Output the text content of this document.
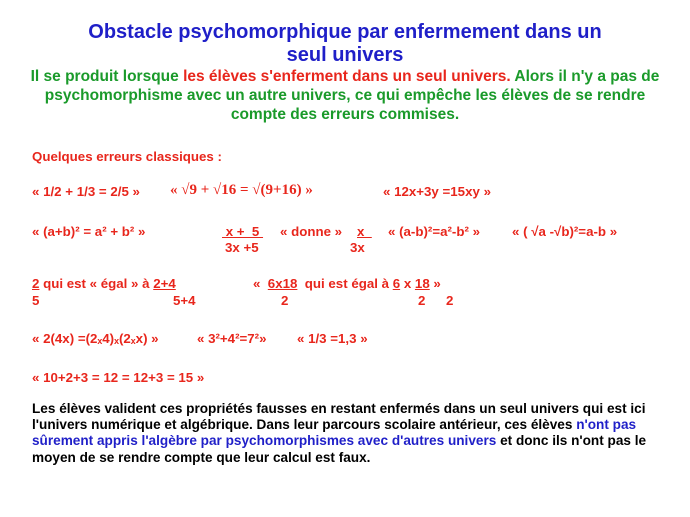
Obstacle psychomorphique par enfermement dans un
seul univers
Il se produit lorsque les élèves s'enferment dans un seul univers. Alors il n'y a pas de psychomorphisme avec un autre univers, ce qui empêche les élèves de se rendre compte des erreurs commises.
Quelques erreurs classiques :
« 1/2 + 1/3 = 2/5 » « √9 + √16 = √(9+16) »	« 12x+3y =15xy »
« (a+b)² = a² + b² »	x +  5
3x +5
« donne » x
3x
« (a-b)²=a²-b² » « ( √a -√b)²=a-b »
2 qui est « égal » à 2+4
5	5+4
«  6x18  qui est égal à 6 x 18 »
2	2 2
« 2(4x) =(2ₓ4)ₓ(2ₓx) »	« 3²+4²=7²» « 1/3 =1,3 »
« 10+2+3 = 12 = 12+3 = 15 »
Les élèves valident ces propriétés fausses en restant enfermés dans un seul univers qui est ici l'univers numérique et algébrique. Dans leur parcours scolaire antérieur, ces élèves n'ont pas sûrement appris l'algèbre par psychomorphismes avec d'autres univers et donc ils n'ont pas le moyen de se rendre compte que leur calcul est faux.
